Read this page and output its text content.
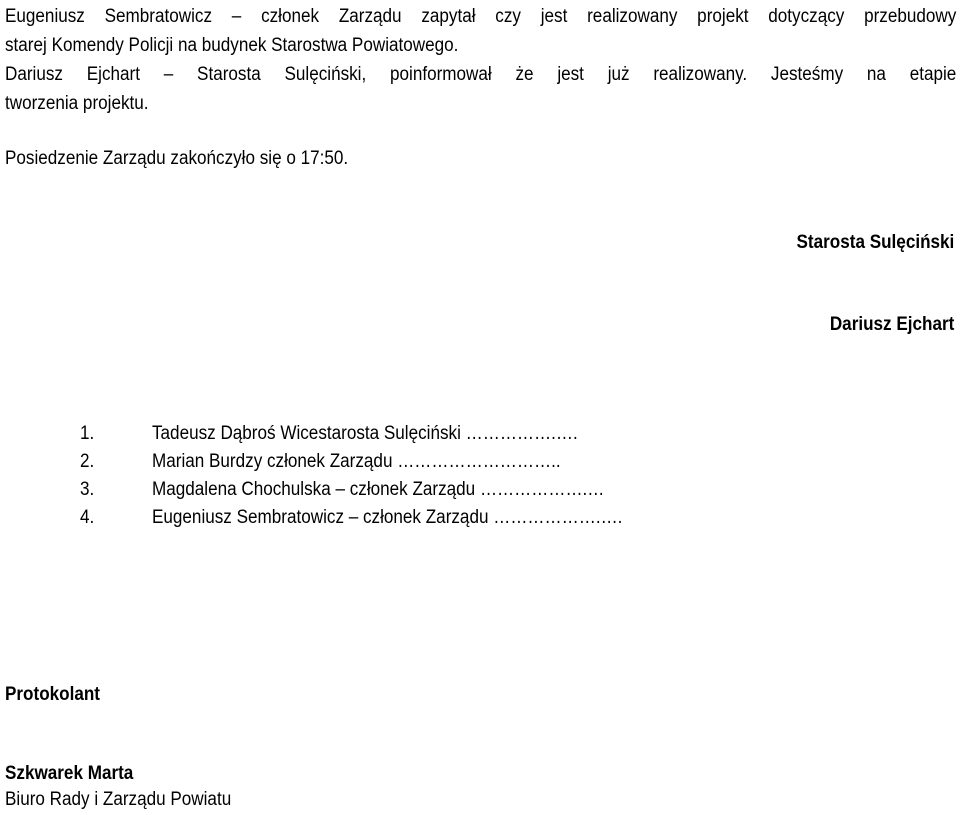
Eugeniusz Sembratowicz – członek Zarządu zapytał czy jest realizowany projekt dotyczący przebudowy
starej Komendy Policji na budynek Starostwa Powiatowego.
Dariusz Ejchart – Starosta Sulęciński, poinformował że jest już realizowany. Jesteśmy na etapie
tworzenia projektu.
Posiedzenie Zarządu zakończyło się o 17:50.
Starosta Sulęciński
Dariusz Ejchart
1.	Tadeusz Dąbroś Wicestarosta Sulęciński …………….….
2.	Marian Burdzy członek Zarządu ………………………..
3.	Magdalena Chochulska – członek Zarządu ……………….…
4.	Eugeniusz Sembratowicz – członek Zarządu ……………….….
Protokolant
Szkwarek Marta
Biuro Rady i Zarządu Powiatu
